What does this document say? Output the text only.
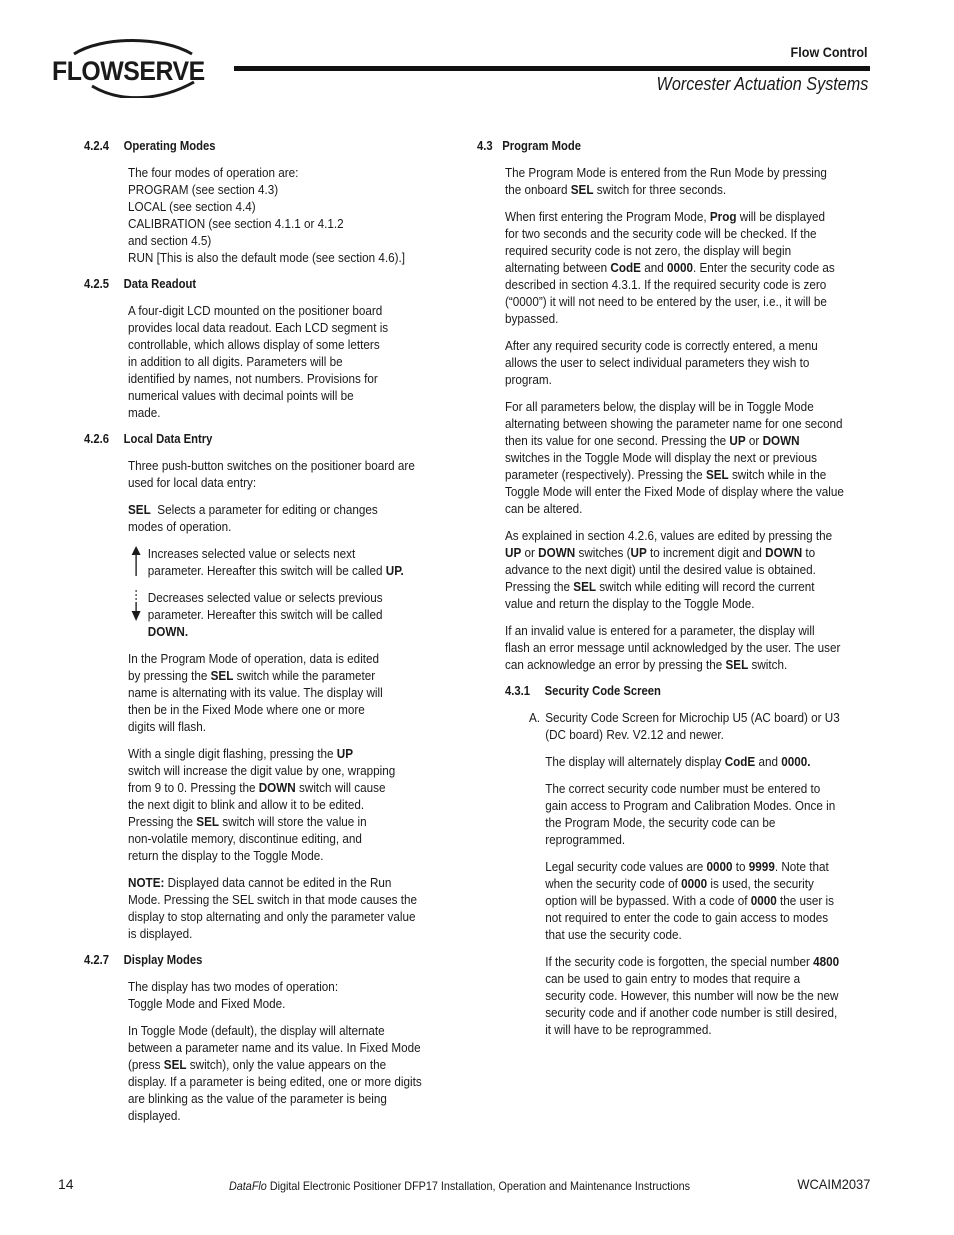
FLOWSERVE
Flow Control
Worcester Actuation Systems
4.2.4 Operating Modes
The four modes of operation are:
PROGRAM (see section 4.3)
LOCAL (see section 4.4)
CALIBRATION (see section 4.1.1 or 4.1.2
and section 4.5)
RUN [This is also the default mode (see section 4.6).]
4.2.5 Data Readout
A four-digit LCD mounted on the positioner board
provides local data readout. Each LCD segment is
controllable, which allows display of some letters
in addition to all digits. Parameters will be
identified by names, not numbers. Provisions for
numerical values with decimal points will be
made.
4.2.6 Local Data Entry

Three push-button switches on the positioner board are
used for local data entry:

SEL Selects a parameter for editing or changes
modes of operation.

Increases selected value or selects next
parameter. Hereafter this switch will be called UP.
Decreases selected value or selects previous
parameter. Hereafter this switch will be called
DOWN.

In the Program Mode of operation, data is edited
by pressing the SEL switch while the parameter
name is alternating with its value. The display will
then be in the Fixed Mode where one or more
digits will flash.

With a single digit flashing, pressing the UP
switch will increase the digit value by one, wrapping
from 9 to 0. Pressing the DOWN switch will cause
the next digit to blink and allow it to be edited.
Pressing the SEL switch will store the value in
non-volatile memory, discontinue editing, and
return the display to the Toggle Mode.

NOTE: Displayed data cannot be edited in the Run
Mode. Pressing the SEL switch in that mode causes the
display to stop alternating and only the parameter value
is displayed.

4.2.7 Display Modes

The display has two modes of operation:
Toggle Mode and Fixed Mode.

In Toggle Mode (default), the display will alternate
between a parameter name and its value. In Fixed Mode
(press SEL switch), only the value appears on the
display. If a parameter is being edited, one or more digits
are blinking as the value of the parameter is being
displayed.

4.3 Program Mode

The Program Mode is entered from the Run Mode by pressing
the onboard SEL switch for three seconds.

When first entering the Program Mode, Prog will be displayed
for two seconds and the security code will be checked. If the
required security code is not zero, the display will begin
alternating between CodE and 0000. Enter the security code as
described in section 4.3.1. If the required security code is zero
(“0000”) it will not need to be entered by the user, i.e., it will be
bypassed.

After any required security code is correctly entered, a menu
allows the user to select individual parameters they wish to
program.

For all parameters below, the display will be in Toggle Mode
alternating between showing the parameter name for one second
then its value for one second. Pressing the UP or DOWN
switches in the Toggle Mode will display the next or previous
parameter (respectively). Pressing the SEL switch while in the
Toggle Mode will enter the Fixed Mode of display where the value
can be altered.

As explained in section 4.2.6, values are edited by pressing the
UP or DOWN switches (UP to increment digit and DOWN to
advance to the next digit) until the desired value is obtained.
Pressing the SEL switch while editing will record the current
value and return the display to the Toggle Mode.

If an invalid value is entered for a parameter, the display will
flash an error message until acknowledged by the user. The user
can acknowledge an error by pressing the SEL switch.

4.3.1 Security Code Screen

A. Security Code Screen for Microchip U5 (AC board) or U3
(DC board) Rev. V2.12 and newer.

The display will alternately display CodE and 0000.

The correct security code number must be entered to
gain access to Program and Calibration Modes. Once in
the Program Mode, the security code can be
reprogrammed.

Legal security code values are 0000 to 9999. Note that
when the security code of 0000 is used, the security
option will be bypassed. With a code of 0000 the user is
not required to enter the code to gain access to modes
that use the security code.

If the security code is forgotten, the special number 4800
can be used to gain entry to modes that require a
security code. However, this number will now be the new
security code and if another code number is still desired,
it will have to be reprogrammed.

14	DataFlo Digital Electronic Positioner DFP17 Installation, Operation and Maintenance Instructions	WCAIM2037
